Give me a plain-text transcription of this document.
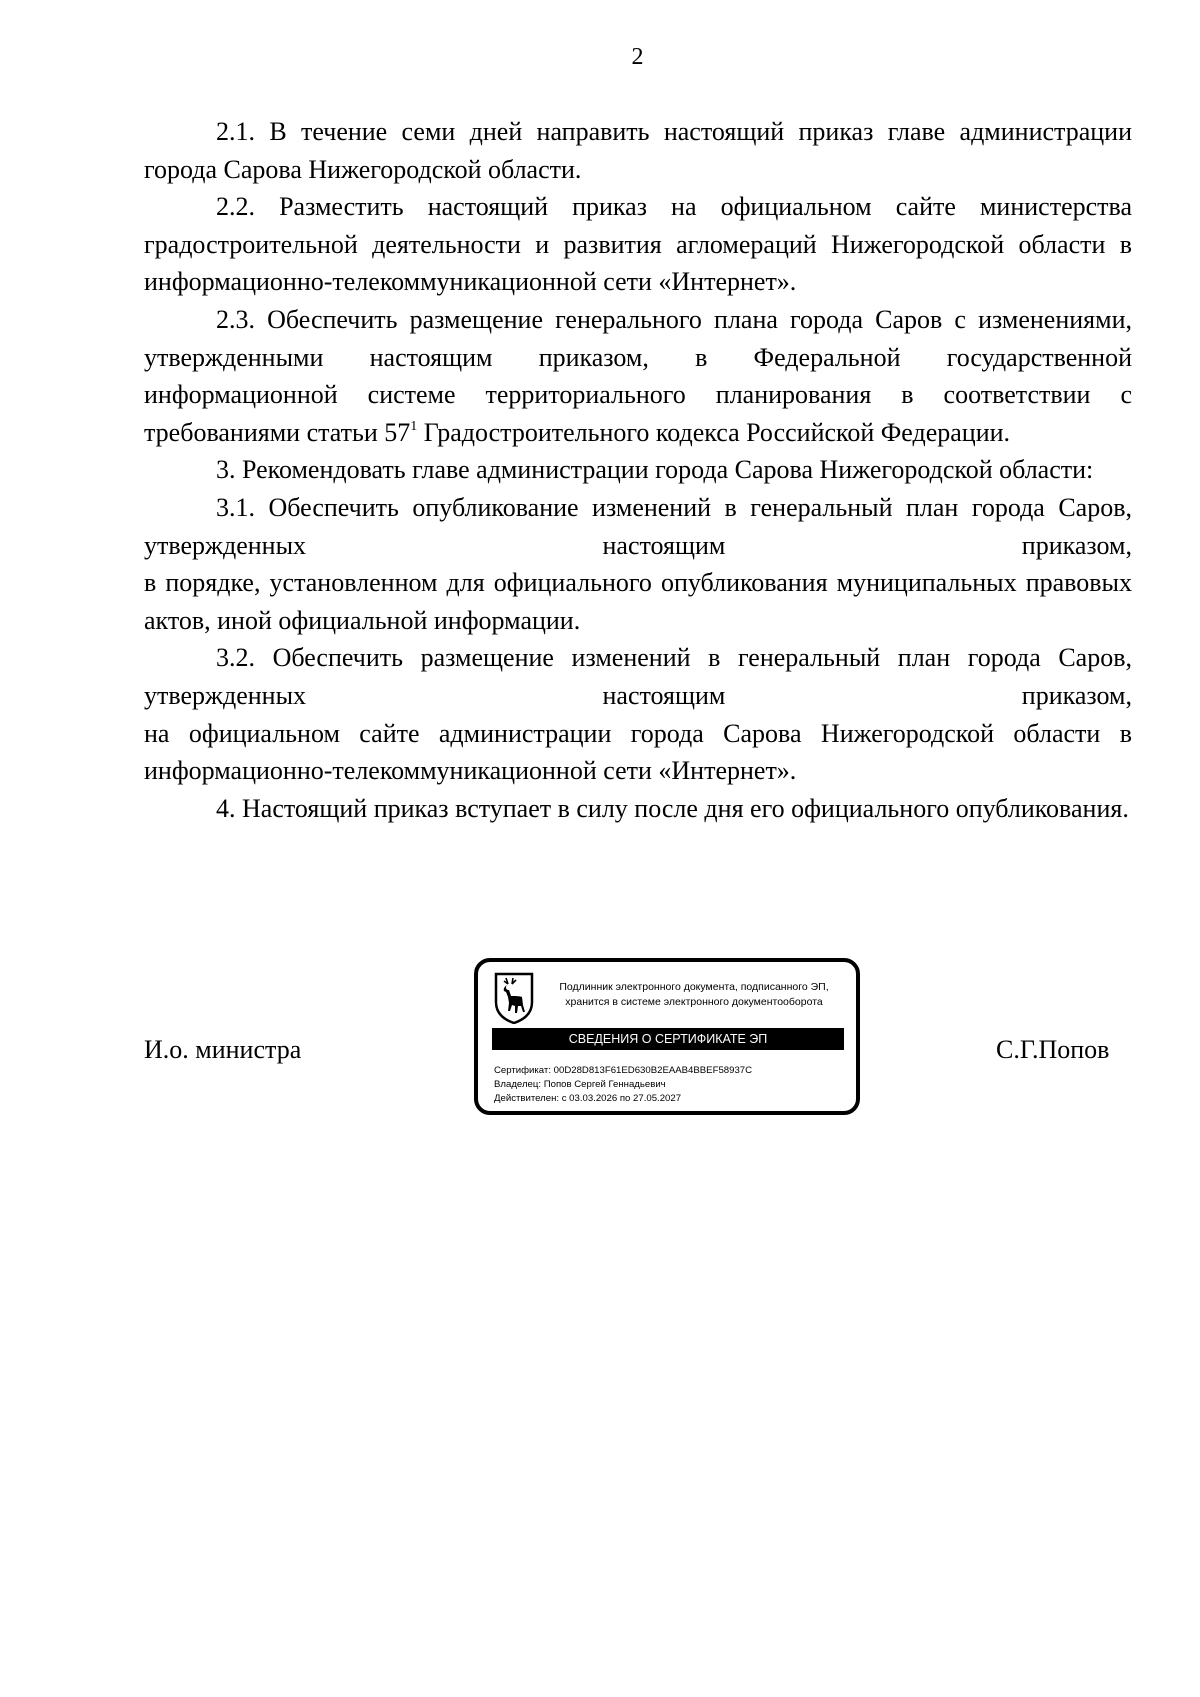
2

2.1. В течение семи дней направить настоящий приказ главе администрации города Сарова Нижегородской области.

2.2. Разместить настоящий приказ на официальном сайте министерства градостроительной деятельности и развития агломераций Нижегородской области в информационно-телекоммуникационной сети «Интернет».

2.3. Обеспечить размещение генерального плана города Саров с изменениями, утвержденными настоящим приказом, в Федеральной государственной информационной системе территориального планирования в соответствии с требованиями статьи $57^1$ Градостроительного кодекса Российской Федерации.

3. Рекомендовать главе администрации города Сарова Нижегородской области:

3.1. Обеспечить опубликование изменений в генеральный план города Саров, утвержденных настоящим приказом,

в порядке, установленном для официального опубликования муниципальных правовых актов, иной официальной информации.

3.2. Обеспечить размещение изменений в генеральный план города Саров, утвержденных настоящим приказом,

на официальном сайте администрации города Сарова Нижегородской области в информационно-телекоммуникационной сети «Интернет».

4. Настоящий приказ вступает в силу после дня его официального опубликования.

И.о. министра	С.Г.Попов
Подлинник электронного документа, подписанного ЭП,
хранится в системе электронного документооборота
СВЕДЕНИЯ О СЕРТИФИКАТЕ ЭП
Сертификат: 00D28D813F61ED630B2EAAB4BBEF58937C
Владелец: Попов Сергей Геннадьевич
Действителен: с 03.03.2026 по 27.05.2027
